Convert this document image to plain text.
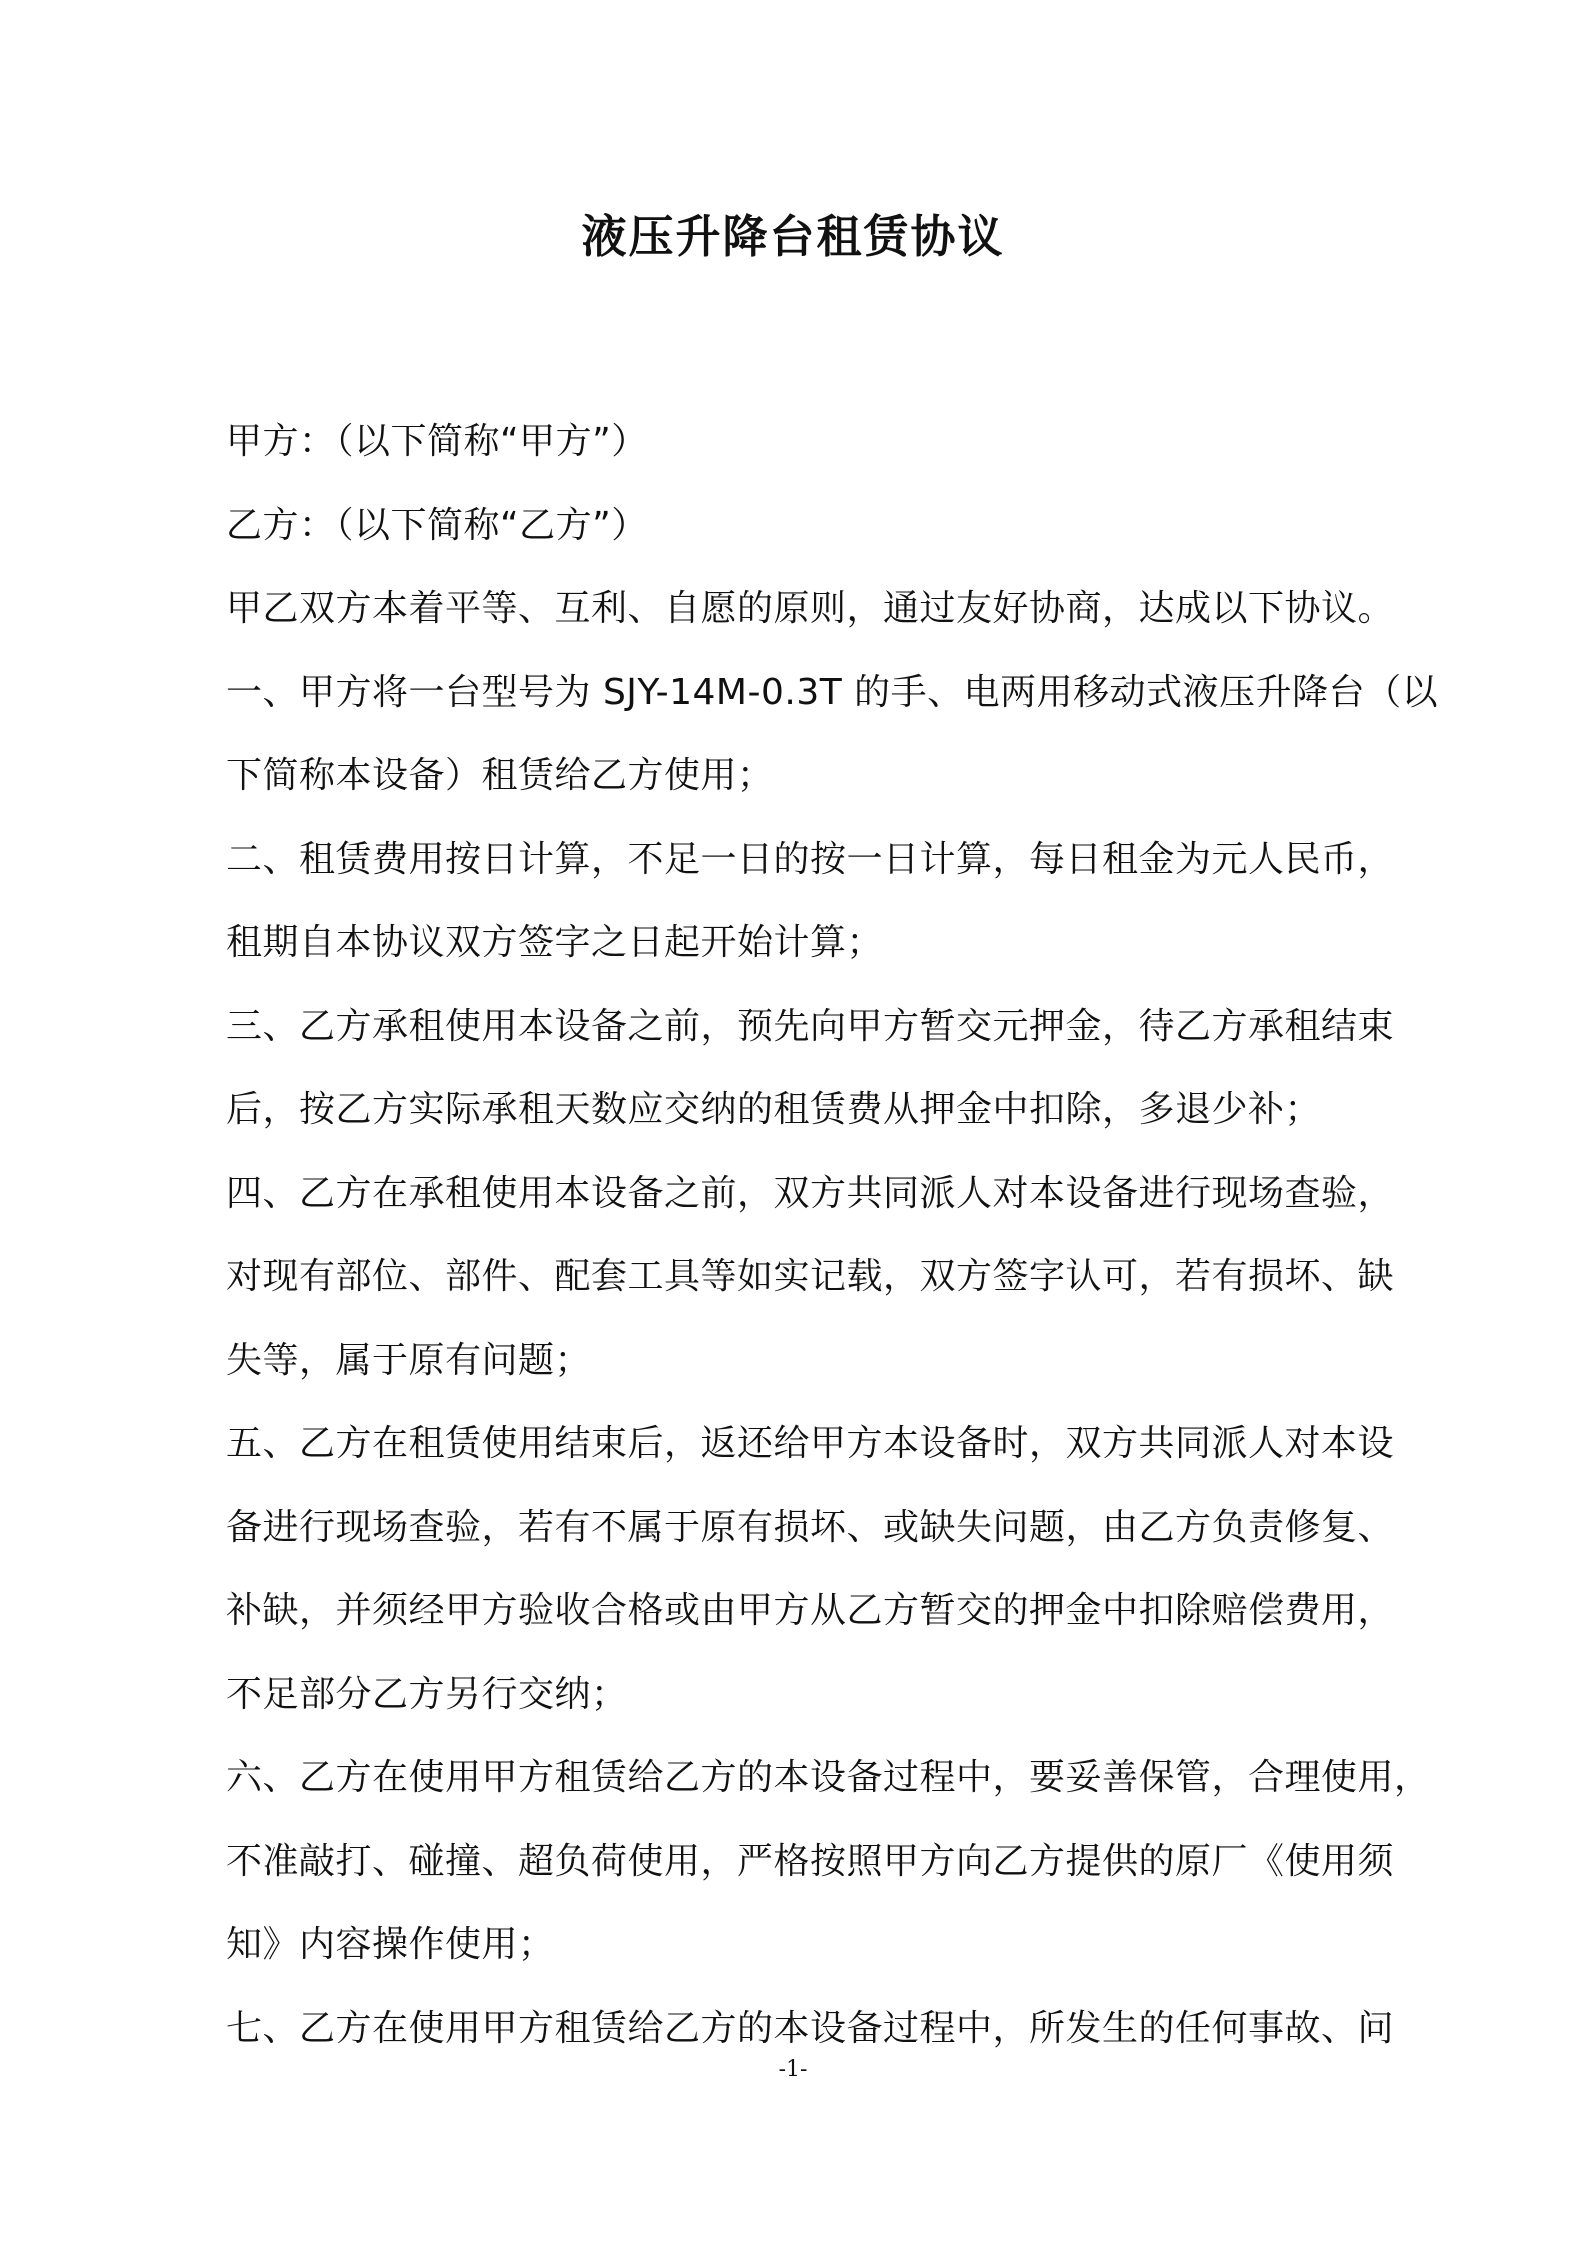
液压升降台租赁协议
甲方：（以下简称“甲方”）
乙方：（以下简称“乙方”）
甲乙双方本着平等、互利、自愿的原则，通过友好协商，达成以下协议。
一、甲方将一台型号为 SJY-14M-0.3T 的手、电两用移动式液压升降台（以
下简称本设备）租赁给乙方使用；
二、租赁费用按日计算，不足一日的按一日计算，每日租金为元人民币，
租期自本协议双方签字之日起开始计算；
三、乙方承租使用本设备之前，预先向甲方暂交元押金，待乙方承租结束
后，按乙方实际承租天数应交纳的租赁费从押金中扣除，多退少补；
四、乙方在承租使用本设备之前，双方共同派人对本设备进行现场查验，
对现有部位、部件、配套工具等如实记载，双方签字认可，若有损坏、缺
失等，属于原有问题；
五、乙方在租赁使用结束后，返还给甲方本设备时，双方共同派人对本设
备进行现场查验，若有不属于原有损坏、或缺失问题，由乙方负责修复、
补缺，并须经甲方验收合格或由甲方从乙方暂交的押金中扣除赔偿费用，
不足部分乙方另行交纳；
六、乙方在使用甲方租赁给乙方的本设备过程中，要妥善保管，合理使用，
不准敲打、碰撞、超负荷使用，严格按照甲方向乙方提供的原厂《使用须
知》内容操作使用；
七、乙方在使用甲方租赁给乙方的本设备过程中，所发生的任何事故、问
-1-
